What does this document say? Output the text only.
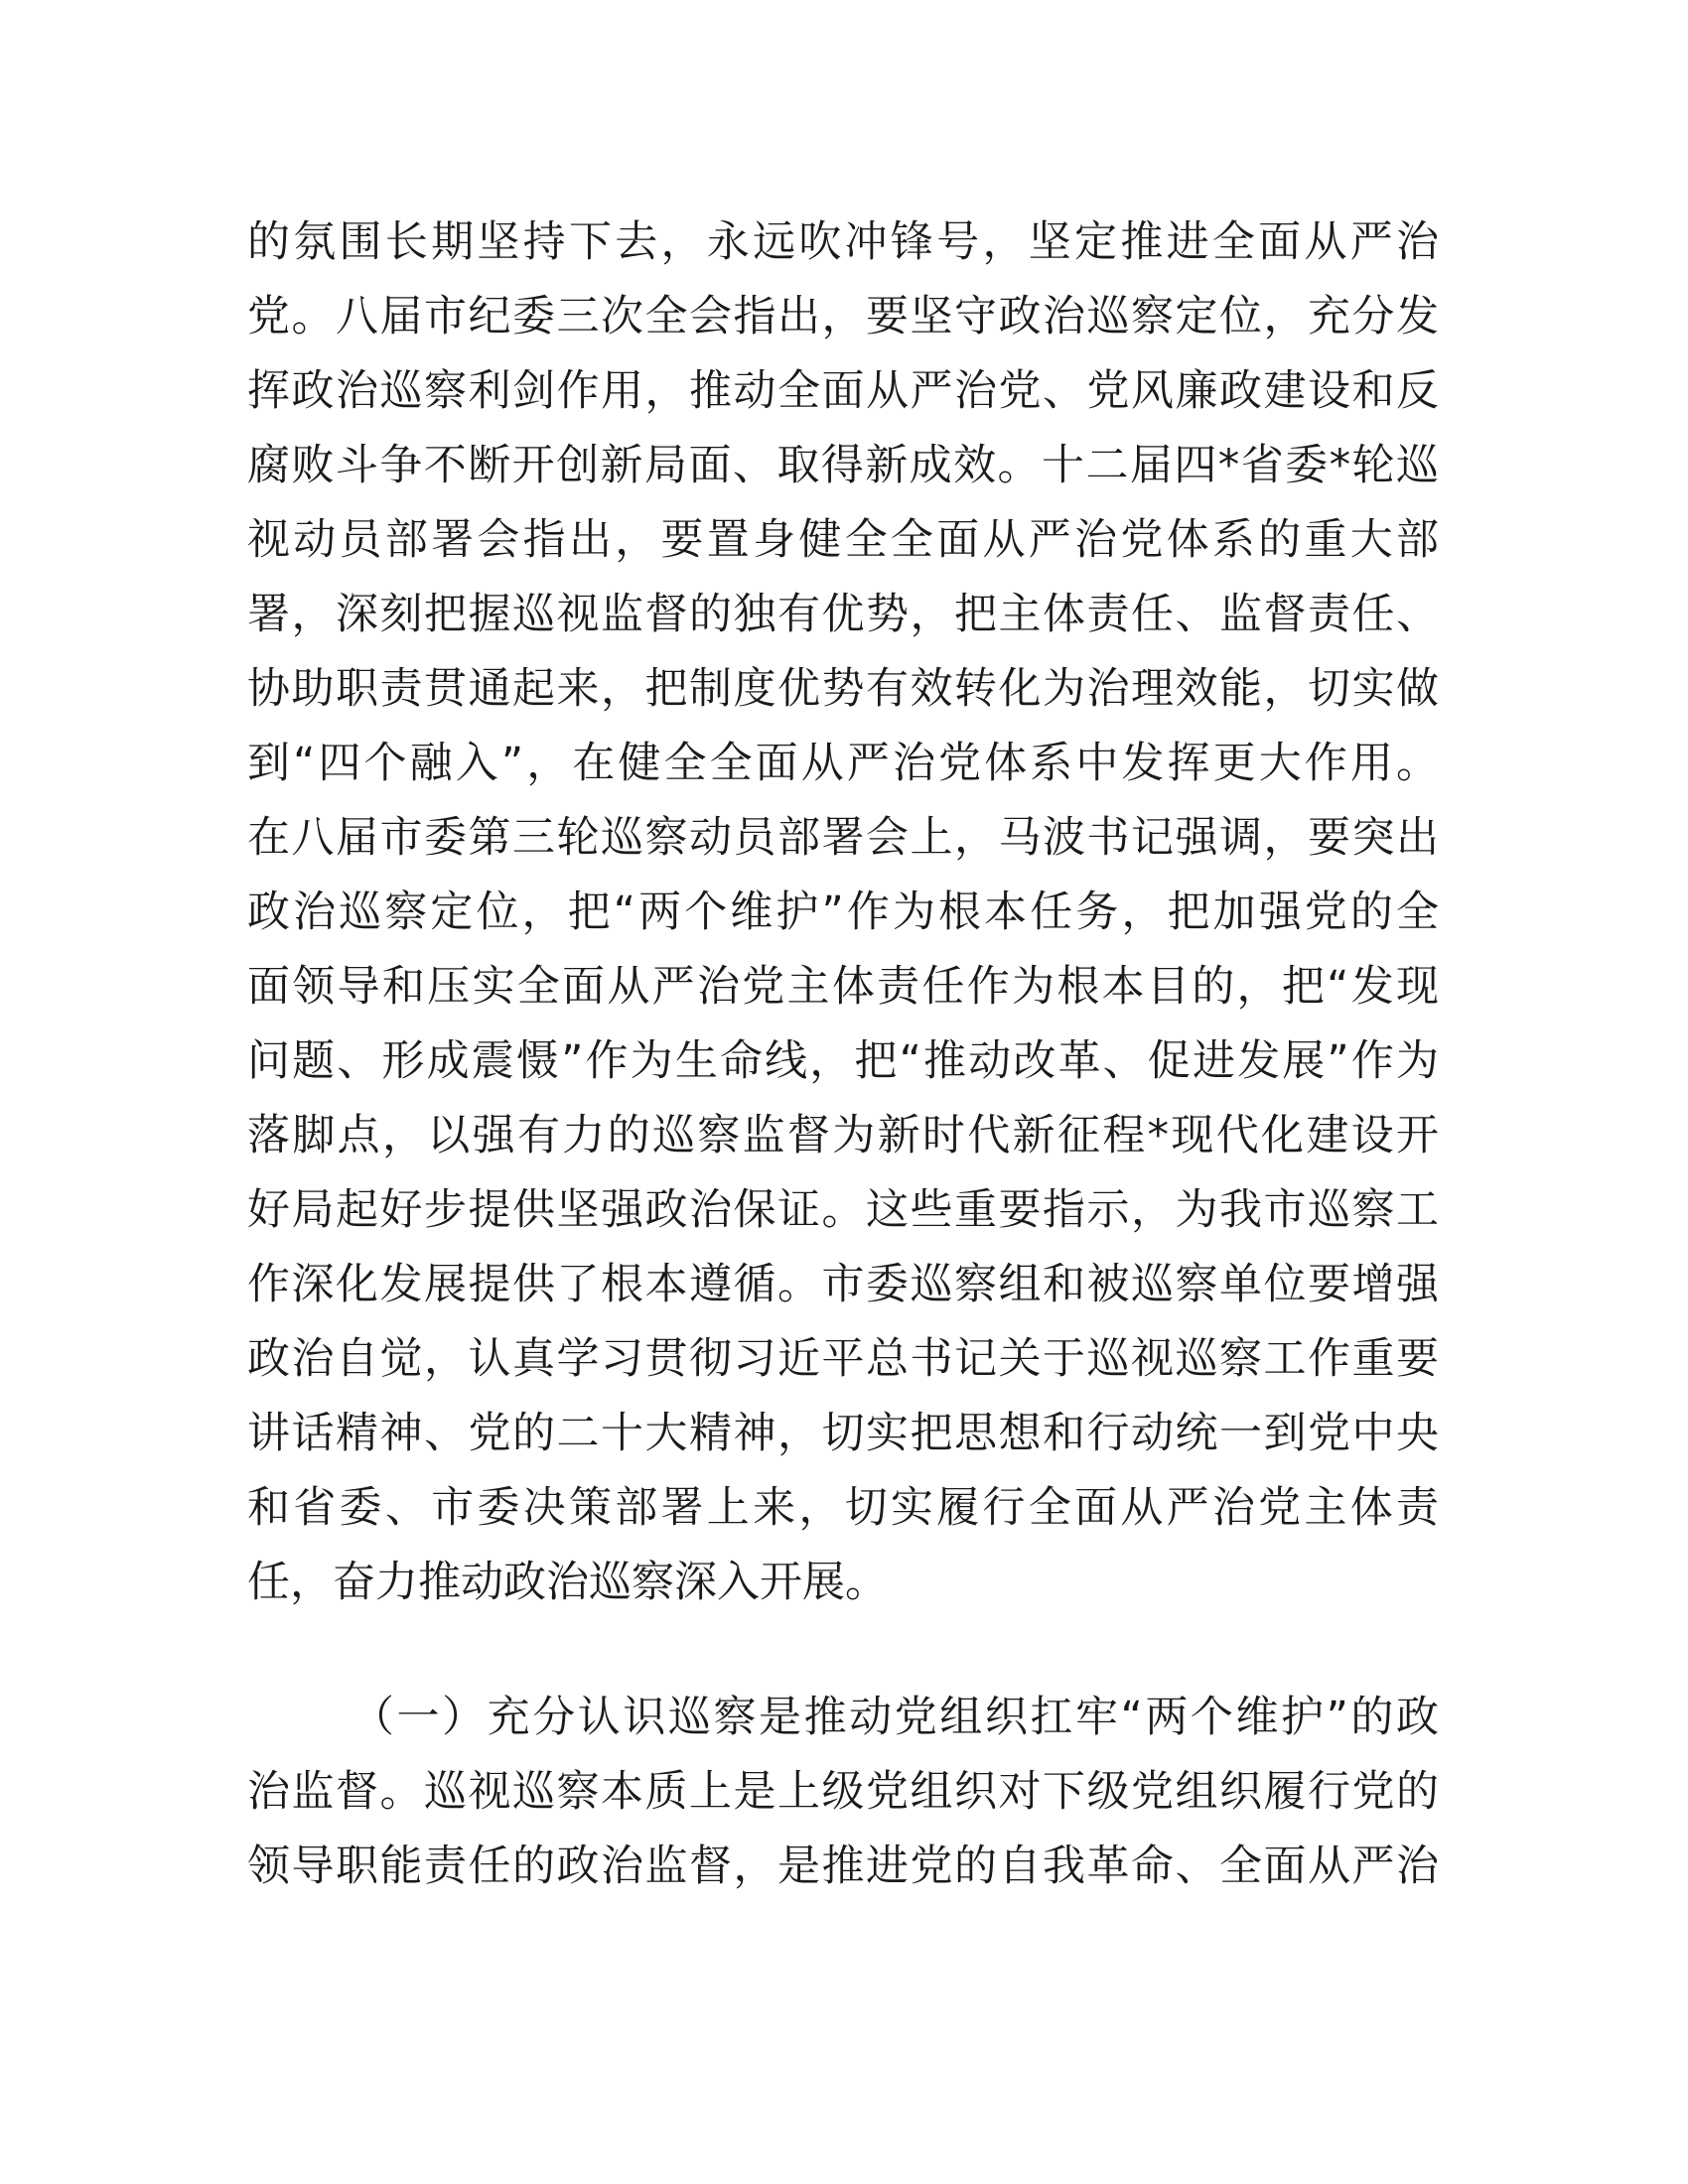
的氛围长期坚持下去，永远吹冲锋号，坚定推进全面从严治
党。八届市纪委三次全会指出，要坚守政治巡察定位，充分发
挥政治巡察利剑作用，推动全面从严治党、党风廉政建设和反
腐败斗争不断开创新局面、取得新成效。十二届四*省委*轮巡
视动员部署会指出，要置身健全全面从严治党体系的重大部
署，深刻把握巡视监督的独有优势，把主体责任、监督责任、
协助职责贯通起来，把制度优势有效转化为治理效能，切实做
到“四个融入”，在健全全面从严治党体系中发挥更大作用。
在八届市委第三轮巡察动员部署会上，马波书记强调，要突出
政治巡察定位，把“两个维护”作为根本任务，把加强党的全
面领导和压实全面从严治党主体责任作为根本目的，把“发现
问题、形成震慑”作为生命线，把“推动改革、促进发展”作为
落脚点，以强有力的巡察监督为新时代新征程*现代化建设开
好局起好步提供坚强政治保证。这些重要指示，为我市巡察工
作深化发展提供了根本遵循。市委巡察组和被巡察单位要增强
政治自觉，认真学习贯彻习近平总书记关于巡视巡察工作重要
讲话精神、党的二十大精神，切实把思想和行动统一到党中央
和省委、市委决策部署上来，切实履行全面从严治党主体责
任，奋力推动政治巡察深入开展。
（一）充分认识巡察是推动党组织扛牢“两个维护”的政
治监督。巡视巡察本质上是上级党组织对下级党组织履行党的
领导职能责任的政治监督，是推进党的自我革命、全面从严治
